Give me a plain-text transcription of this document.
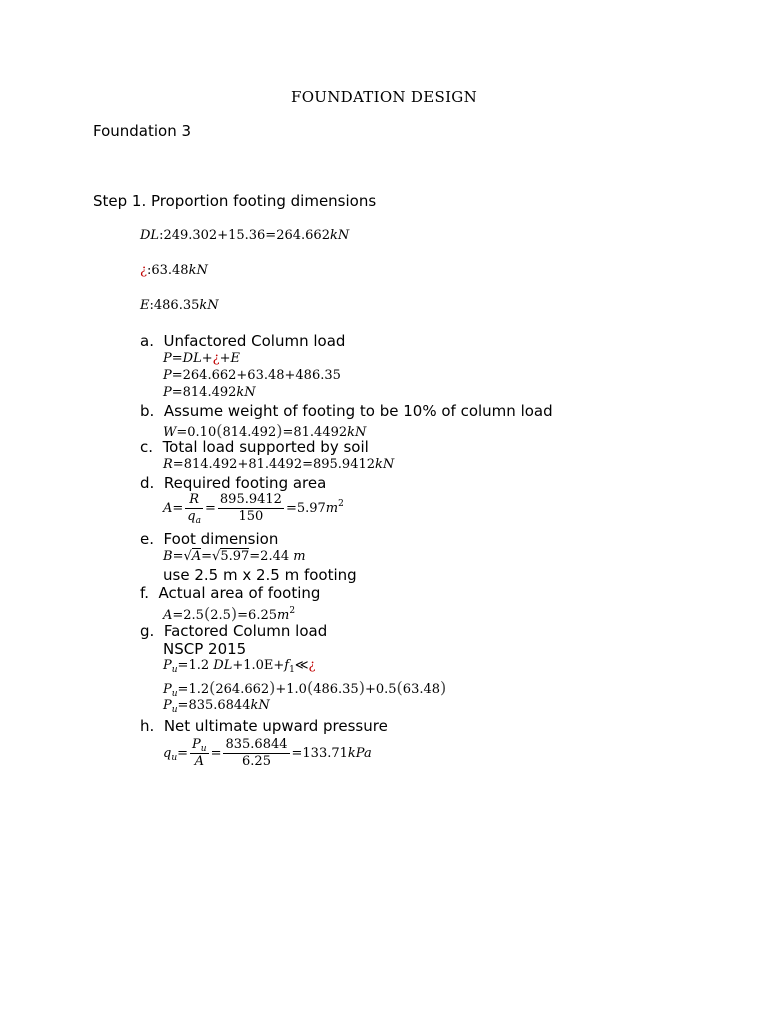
FOUNDATION DESIGN
Foundation 3
Step 1. Proportion footing dimensions
DL:249.302+15.36=264.662kN
¿:63.48kN
E:486.35kN
a. Unfactored Column load
P=DL+¿+E
P=264.662+63.48+486.35
P=814.492kN
b. Assume weight of footing to be 10% of column load
W=0.10(814.492)=81.4492kN
c. Total load supported by soil
R=814.492+81.4492=895.9412kN
d. Required footing area
$A= \frac{R}{q_a} = \frac{895.9412}{150} =5.97m^2$
e. Foot dimension
B=√A=√5.97=2.44 m
use 2.5 m x 2.5 m footing
f. Actual area of footing
$A=2.5(2.5)=6.25m^2$
g. Factored Column load
NSCP 2015
$P_u=1.2$ $DL+1.0E+f_1≪¿$
$P_u=1.2(264.662)+1.0(486.35)+0.5(63.48)$
$P_u=835.6844kN$
h. Net ultimate upward pressure
$q_u= \frac{P_u}{A} = \frac{835.6844}{6.25} =133.71kPa$
